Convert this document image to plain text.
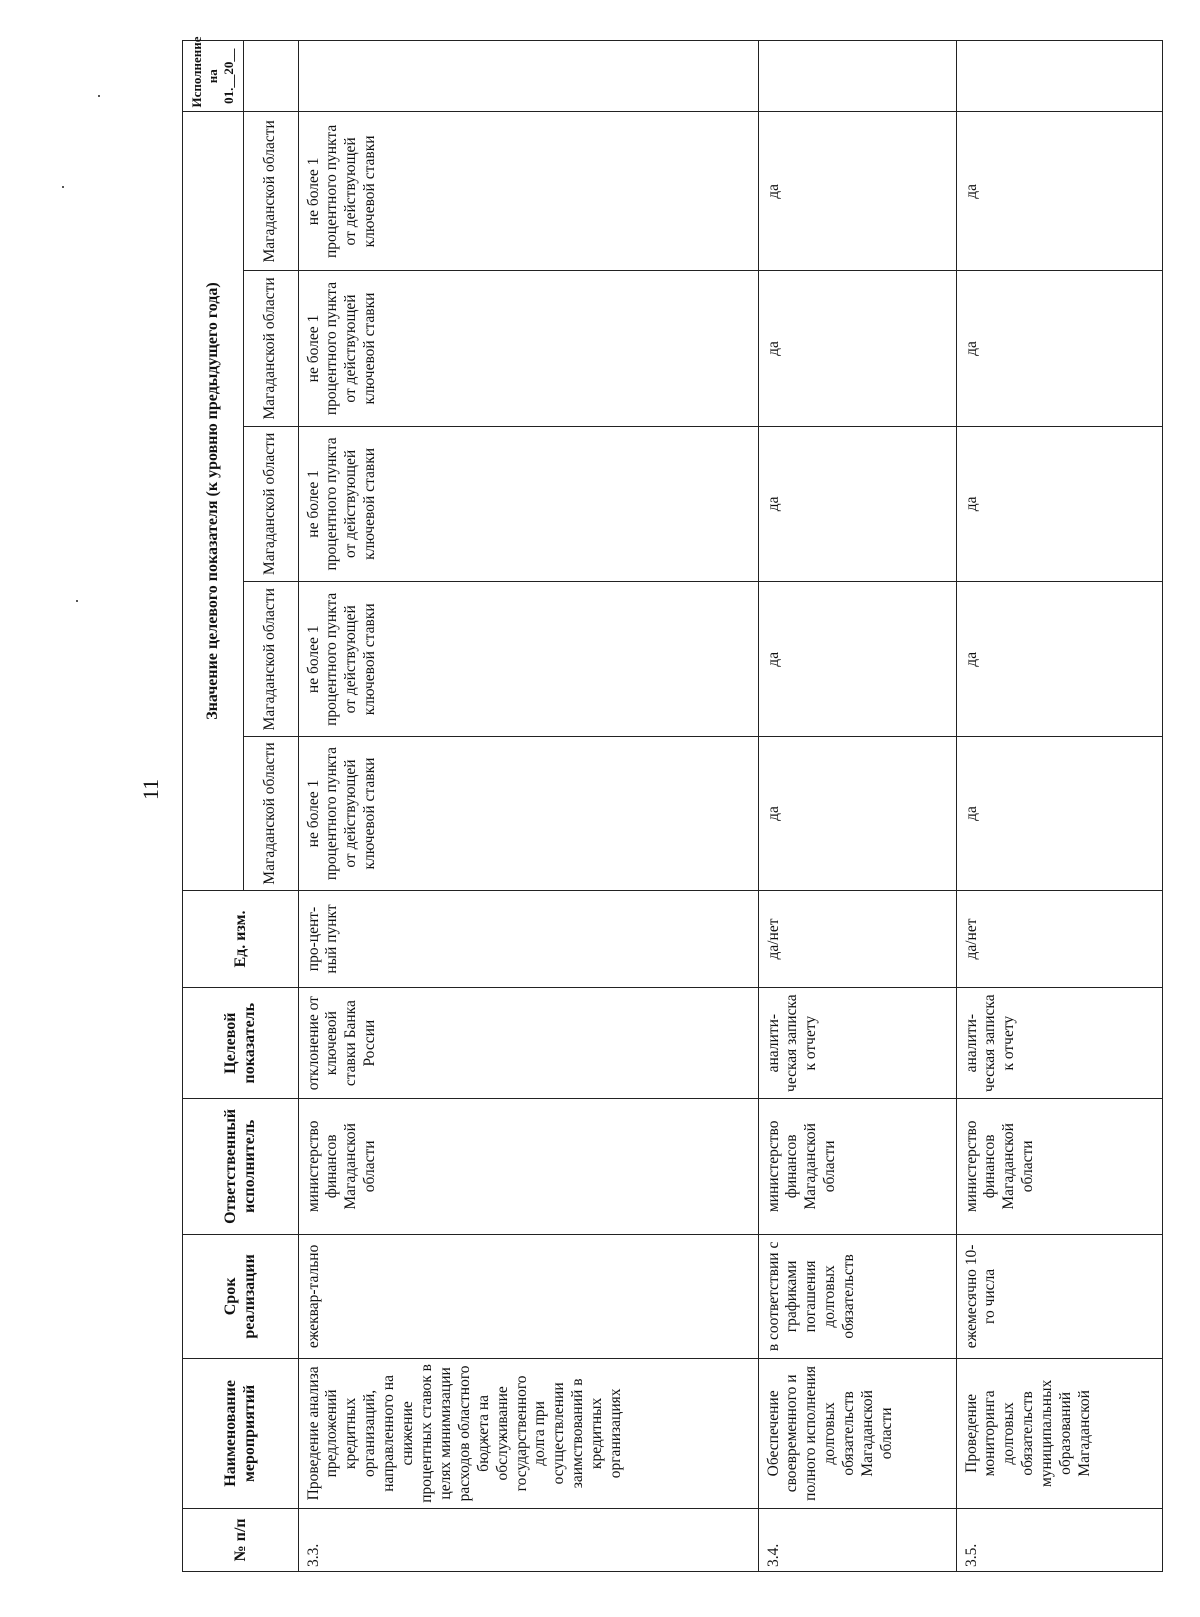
11
№ п/п	Наименование мероприятий	Срок реализации	Ответственный исполнитель	Целевой показатель	Ед. изм.	Значение целевого показателя (к уровню предыдущего года)					Исполнение на 01.__20__
						Магаданской области	Магаданской области	Магаданской области	Магаданской области	Магаданской области	
3.3.	Проведение анализа предложений кредитных организаций, направленного на снижение процентных ставок в целях минимизации расходов областного бюджета на обслуживание государственного долга при осуществлении заимствований в кредитных организациях	ежеквар-тально	министерство финансов Магаданской области	отклонение от ключевой ставки Банка России	про-цент-ный пункт	не более 1 процентного пункта от действующей ключевой ставки	не более 1 процентного пункта от действующей ключевой ставки	не более 1 процентного пункта от действующей ключевой ставки	не более 1 процентного пункта от действующей ключевой ставки	не более 1 процентного пункта от действующей ключевой ставки	
3.4.	Обеспечение своевременного и полного исполнения долговых обязательств Магаданской области	в соответствии с графиками погашения долговых обязательств	министерство финансов Магаданской области	аналити-ческая записка к отчету	да/нет	да	да	да	да	да	
3.5.	Проведение мониторинга долговых обязательств муниципальных образований Магаданской	ежемесячно 10-го числа	министерство финансов Магаданской области	аналити-ческая записка к отчету	да/нет	да	да	да	да	да	
